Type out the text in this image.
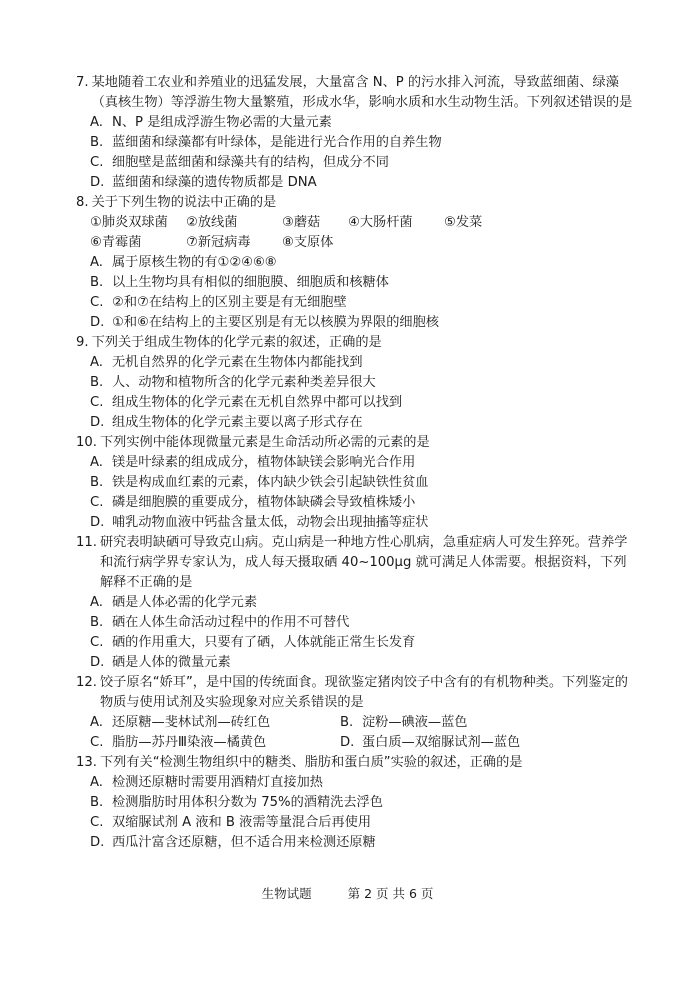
7. 某地随着工农业和养殖业的迅猛发展，大量富含 N、P 的污水排入河流，导致蓝细菌、绿藻（真核生物）等浮游生物大量繁殖，形成水华，影响水质和水生动物生活。下列叙述错误的是
A. N、P 是组成浮游生物必需的大量元素
B. 蓝细菌和绿藻都有叶绿体，是能进行光合作用的自养生物
C. 细胞壁是蓝细菌和绿藻共有的结构，但成分不同
D. 蓝细菌和绿藻的遗传物质都是 DNA
8. 关于下列生物的说法中正确的是
①肺炎双球菌	②放线菌	③蘑菇	④大肠杆菌	⑤发菜
⑥青霉菌	⑦新冠病毒	⑧支原体
A. 属于原核生物的有①②④⑥⑧
B. 以上生物均具有相似的细胞膜、细胞质和核糖体
C. ②和⑦在结构上的区别主要是有无细胞壁
D. ①和⑥在结构上的主要区别是有无以核膜为界限的细胞核
9. 下列关于组成生物体的化学元素的叙述，正确的是
A. 无机自然界的化学元素在生物体内都能找到
B. 人、动物和植物所含的化学元素种类差异很大
C. 组成生物体的化学元素在无机自然界中都可以找到
D. 组成生物体的化学元素主要以离子形式存在
10. 下列实例中能体现微量元素是生命活动所必需的元素的是
A. 镁是叶绿素的组成成分，植物体缺镁会影响光合作用
B. 铁是构成血红素的元素，体内缺少铁会引起缺铁性贫血
C. 磷是细胞膜的重要成分，植物体缺磷会导致植株矮小
D. 哺乳动物血液中钙盐含量太低，动物会出现抽搐等症状
11. 研究表明缺硒可导致克山病。克山病是一种地方性心肌病，急重症病人可发生猝死。营养学和流行病学界专家认为，成人每天摄取硒 40~100μg 就可满足人体需要。根据资料，下列解释不正确的是
A. 硒是人体必需的化学元素
B. 硒在人体生命活动过程中的作用不可替代
C. 硒的作用重大，只要有了硒，人体就能正常生长发育
D. 硒是人体的微量元素
12. 饺子原名“娇耳”，是中国的传统面食。现欲鉴定猪肉饺子中含有的有机物种类。下列鉴定的物质与使用试剂及实验现象对应关系错误的是
A. 还原糖—斐林试剂—砖红色	B. 淀粉—碘液—蓝色
C. 脂肪—苏丹Ⅲ染液—橘黄色	D. 蛋白质—双缩脲试剂—蓝色
13. 下列有关“检测生物组织中的糖类、脂肪和蛋白质”实验的叙述，正确的是
A. 检测还原糖时需要用酒精灯直接加热
B. 检测脂肪时用体积分数为 75%的酒精洗去浮色
C. 双缩脲试剂 A 液和 B 液需等量混合后再使用
D. 西瓜汁富含还原糖，但不适合用来检测还原糖
生物试题	第 2 页 共 6 页
